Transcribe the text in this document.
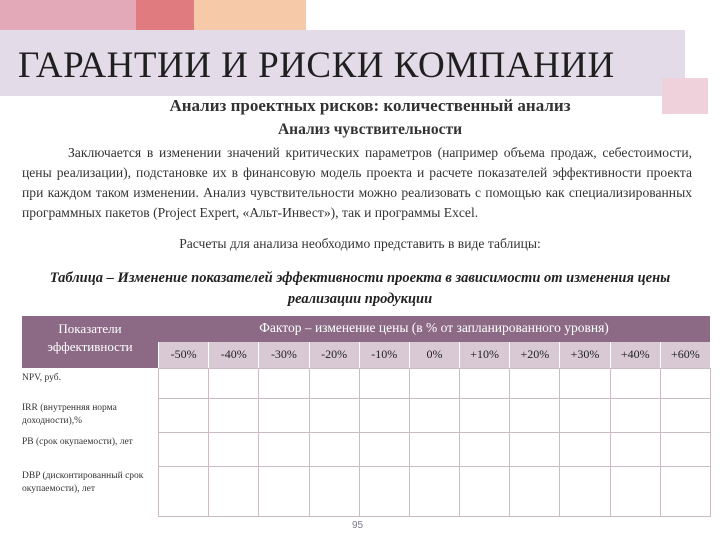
ГАРАНТИИ И РИСКИ КОМПАНИИ
Анализ проектных рисков: количественный анализ
Анализ чувствительности
Заключается в изменении значений критических параметров (например объема продаж, себестоимости, цены реализации), подстановке их в финансовую модель проекта и расчете показателей эффективности проекта при каждом таком изменении. Анализ чувствительности можно реализовать с помощью как специализированных программных пакетов (Project Expert, «Альт-Инвест»), так и программы Excel.
Расчеты для анализа необходимо представить в виде таблицы:
Таблица – Изменение показателей эффективности проекта в зависимости от изменения цены реализации продукции
Показатели эффективности
Фактор – изменение цены (в % от запланированного уровня)
-50%	-40%	-30%	-20%	-10%	0%	+10%	+20%	+30%	+40%	+60%
NPV, руб.
IRR (внутренняя норма доходности),%
PB (срок окупаемости), лет
DBP (дисконтированный срок окупаемости), лет
95
